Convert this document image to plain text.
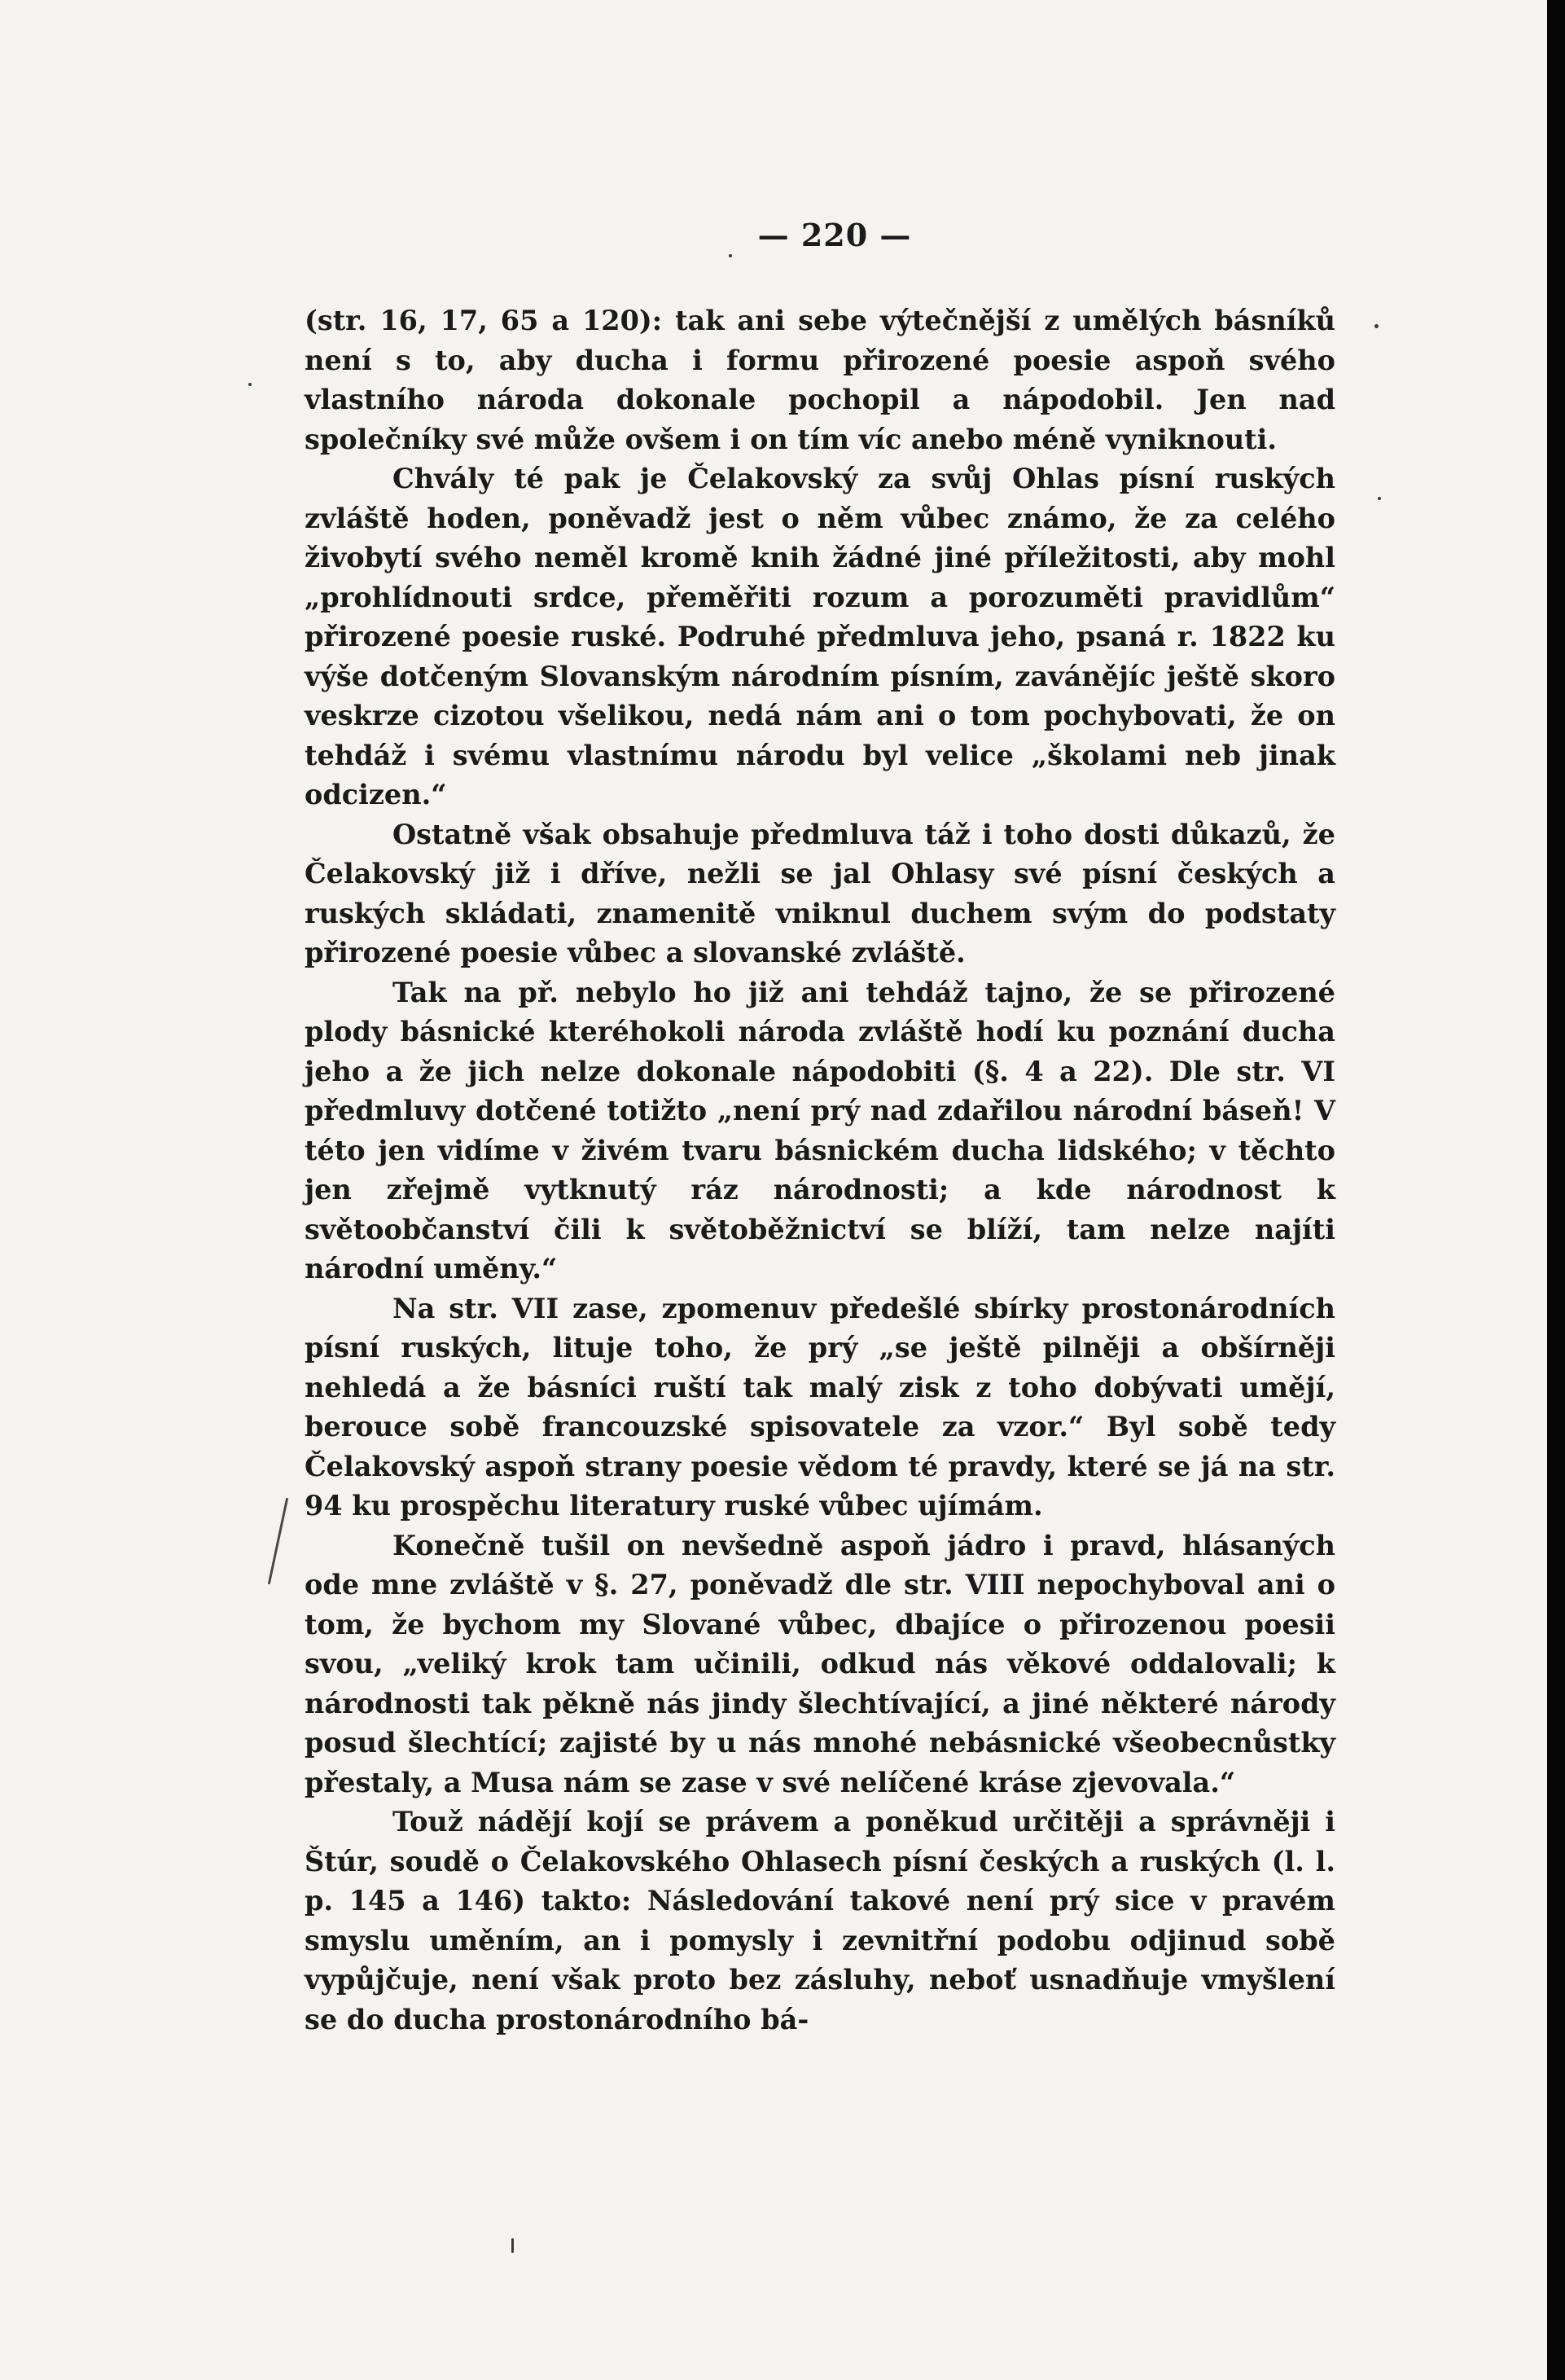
— 220 —

(str. 16, 17, 65 a 120): tak ani sebe výtečnější z umělých básníků není s to, aby ducha i formu přirozené poesie aspoň svého vlastního národa dokonale pochopil a nápodobil. Jen nad společníky své může ovšem i on tím víc anebo méně vyniknouti.

Chvály té pak je Čelakovský za svůj Ohlas písní ruských zvláště hoden, poněvadž jest o něm vůbec známo, že za celého živobytí svého neměl kromě knih žádné jiné příležitosti, aby mohl „prohlídnouti srdce, přeměřiti rozum a porozuměti pravidlům“ přirozené poesie ruské. Podruhé předmluva jeho, psaná r. 1822 ku výše dotčeným Slovanským národním písním, zavánějíc ještě skoro veskrze cizotou všelikou, nedá nám ani o tom pochybovati, že on tehdáž i svému vlastnímu národu byl velice „školami neb jinak odcizen.“

Ostatně však obsahuje předmluva táž i toho dosti důkazů, že Čelakovský již i dříve, nežli se jal Ohlasy své písní českých a ruských skládati, znamenitě vniknul duchem svým do podstaty přirozené poesie vůbec a slovanské zvláště.

Tak na př. nebylo ho již ani tehdáž tajno, že se přirozené plody básnické kteréhokoli národa zvláště hodí ku poznání ducha jeho a že jich nelze dokonale nápodobiti (§. 4 a 22). Dle str. VI předmluvy dotčené totižto „není prý nad zdařilou národní báseň! V této jen vidíme v živém tvaru básnickém ducha lidského; v těchto jen zřejmě vytknutý ráz národnosti; a kde národnost k světoobčanství čili k světoběžnictví se blíží, tam nelze najíti národní uměny.“

Na str. VII zase, zpomenuv předešlé sbírky prostonárodních písní ruských, lituje toho, že prý „se ještě pilněji a obšírněji nehledá a že básníci ruští tak malý zisk z toho dobývati umějí, berouce sobě francouzské spisovatele za vzor.“ Byl sobě tedy Čelakovský aspoň strany poesie vědom té pravdy, které se já na str. 94 ku prospěchu literatury ruské vůbec ujímám.

Konečně tušil on nevšedně aspoň jádro i pravd, hlásaných ode mne zvláště v §. 27, poněvadž dle str. VIII nepochyboval ani o tom, že bychom my Slované vůbec, dbajíce o přirozenou poesii svou, „veliký krok tam učinili, odkud nás věkové oddalovali; k národnosti tak pěkně nás jindy šlechtívající, a jiné některé národy posud šlechtící; zajisté by u nás mnohé nebásnické všeobecnůstky přestaly, a Musa nám se zase v své nelíčené kráse zjevovala.“

Touž nádějí kojí se právem a poněkud určitěji a správněji i Štúr, soudě o Čelakovského Ohlasech písní českých a ruských (l. l. p. 145 a 146) takto: Následování takové není prý sice v pravém smyslu uměním, an i pomysly i zevnitřní podobu odjinud sobě vypůjčuje, není však proto bez zásluhy, neboť usnadňuje vmyšlení se do ducha prostonárodního bá-
